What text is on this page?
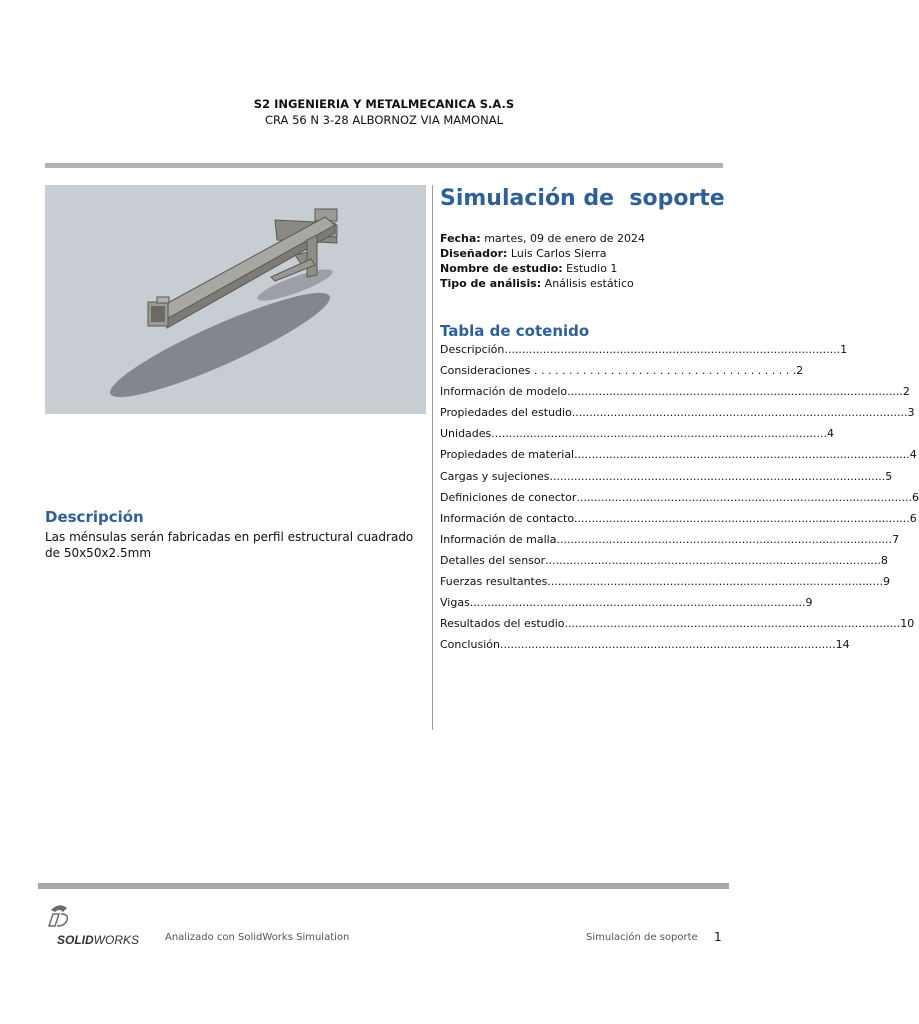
S2 INGENIERIA Y METALMECANICA S.A.S
CRA 56 N 3-28 ALBORNOZ VIA MAMONAL
Descripción
Las ménsulas serán fabricadas en perfil estructural cuadrado de 50x50x2.5mm
Simulación de  soporte
Fecha: martes, 09 de enero de 2024
Diseñador: Luis Carlos Sierra
Nombre de estudio: Estudio 1
Tipo de análisis: Análisis estático
Tabla de cotenido
Descripción ................................................................................................ 1
Consideraciones . . . . . . . . . . . . . . . . . . . . . . . . . . . . . . . . . . . . . . 2
Información de modelo ................................................................................................ 2
Propiedades del estudio ................................................................................................ 3
Unidades ................................................................................................ 4
Propiedades de material ................................................................................................ 4
Cargas y sujeciones ................................................................................................ 5
Definiciones de conector ................................................................................................ 6
Información de contacto ................................................................................................ 6
Información de malla ................................................................................................ 7
Detalles del sensor ................................................................................................ 8
Fuerzas resultantes ................................................................................................ 9
Vigas ................................................................................................ 9
Resultados del estudio ................................................................................................ 10
Conclusión ................................................................................................ 14
SOLIDWORKS	Analizado con SolidWorks Simulation	Simulación de soporte 1
